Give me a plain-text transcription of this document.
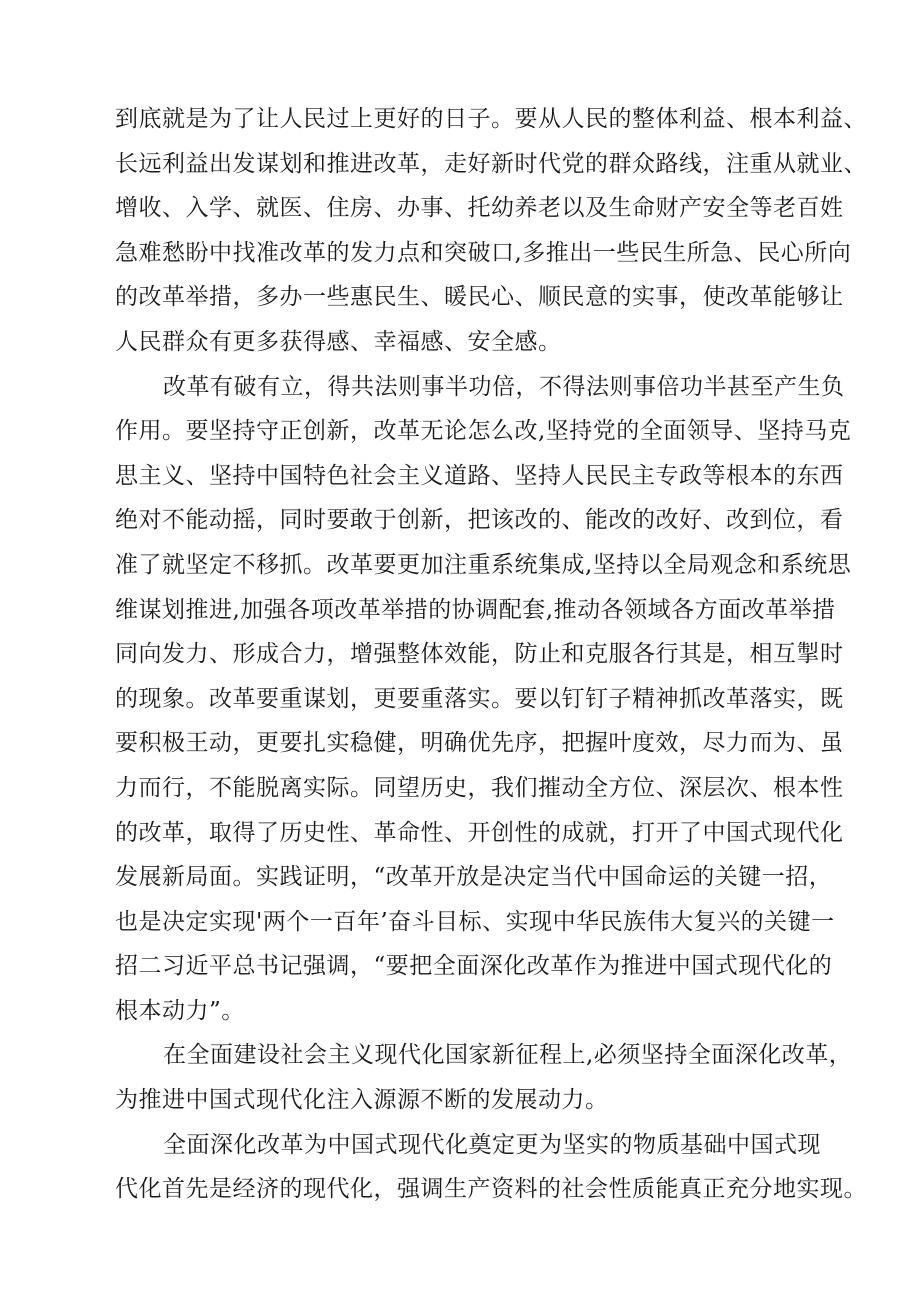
到底就是为了让人民过上更好的日子。要从人民的整体利益、根本利益、
长远利益出发谋划和推进改革，走好新时代党的群众路线，注重从就业、
增收、入学、就医、住房、办事、托幼养老以及生命财产安全等老百姓
急难愁盼中找准改革的发力点和突破口,多推出一些民生所急、民心所向
的改革举措，多办一些惠民生、暖民心、顺民意的实事，使改革能够让
人民群众有更多获得感、幸福感、安全感。
改革有破有立，得共法则事半功倍，不得法则事倍功半甚至产生负
作用。要坚持守正创新，改革无论怎么改,坚持党的全面领导、坚持马克
思主义、坚持中国特色社会主义道路、坚持人民民主专政等根本的东西
绝对不能动摇，同时要敢于创新，把该改的、能改的改好、改到位，看
准了就坚定不移抓。改革要更加注重系统集成,坚持以全局观念和系统思
维谋划推进,加强各项改革举措的协调配套,推动各领域各方面改革举措
同向发力、形成合力，增强整体效能，防止和克服各行其是，相互掣时
的现象。改革要重谋划，更要重落实。要以钉钉子精神抓改革落实，既
要积极王动，更要扎实稳健，明确优先序，把握叶度效，尽力而为、虽
力而行，不能脱离实际。同望历史，我们摧动全方位、深层次、根本性
的改革，取得了历史性、革命性、开创性的成就，打开了中国式现代化
发展新局面。实践证明，“改革开放是决定当代中国命运的关键一招，
也是决定实现'两个一百年’奋斗目标、实现中华民族伟大复兴的关键一
招二习近平总书记强调，“要把全面深化改革作为推进中国式现代化的
根本动力”。
在全面建设社会主义现代化国家新征程上,必须坚持全面深化改革，
为推进中国式现代化注入源源不断的发展动力。
全面深化改革为中国式现代化奠定更为坚实的物质基础中国式现
代化首先是经济的现代化，强调生产资料的社会性质能真正充分地实现。
